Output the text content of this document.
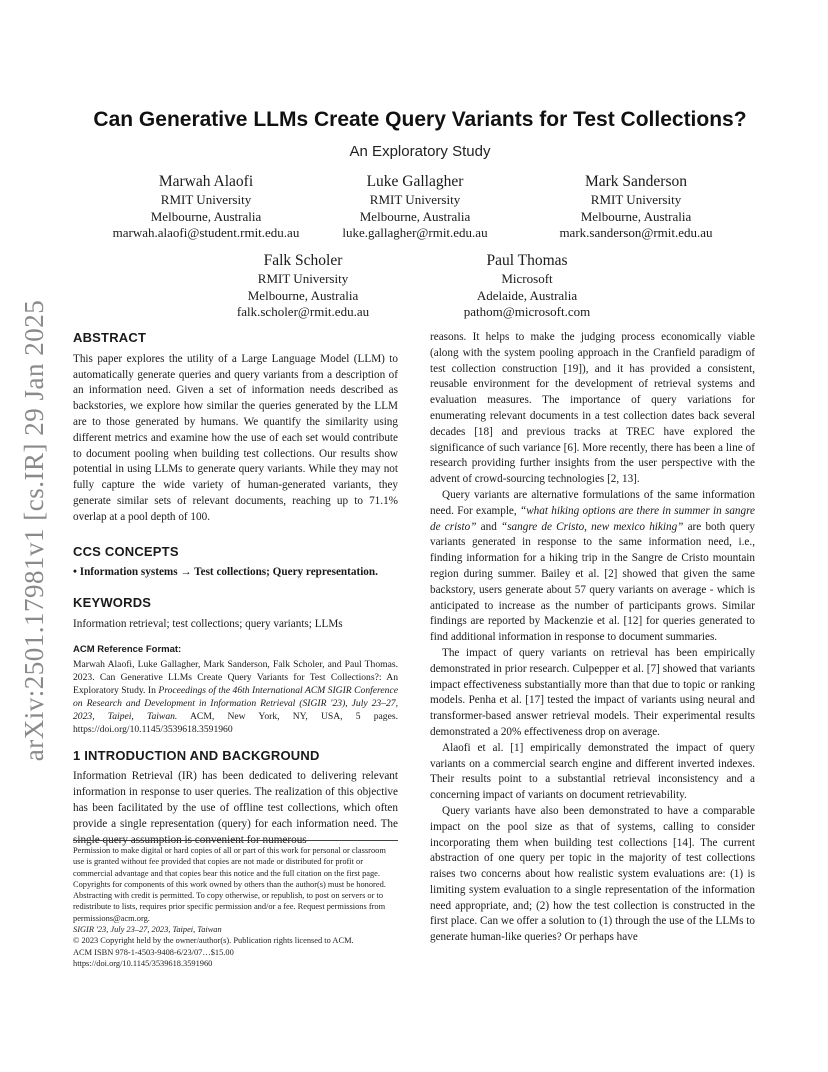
arXiv:2501.17981v1 [cs.IR] 29 Jan 2025
Can Generative LLMs Create Query Variants for Test Collections?
An Exploratory Study
Marwah Alaofi
RMIT University
Melbourne, Australia
marwah.alaofi@student.rmit.edu.au
Luke Gallagher
RMIT University
Melbourne, Australia
luke.gallagher@rmit.edu.au
Mark Sanderson
RMIT University
Melbourne, Australia
mark.sanderson@rmit.edu.au
Falk Scholer
RMIT University
Melbourne, Australia
falk.scholer@rmit.edu.au
Paul Thomas
Microsoft
Adelaide, Australia
pathom@microsoft.com
ABSTRACT

This paper explores the utility of a Large Language Model (LLM) to automatically generate queries and query variants from a description of an information need. Given a set of information needs described as backstories, we explore how similar the queries generated by the LLM are to those generated by humans. We quantify the similarity using different metrics and examine how the use of each set would contribute to document pooling when building test collections. Our results show potential in using LLMs to generate query variants. While they may not fully capture the wide variety of human-generated variants, they generate similar sets of relevant documents, reaching up to 71.1% overlap at a pool depth of 100.

CCS CONCEPTS

• Information systems → Test collections; Query representation.

KEYWORDS

Information retrieval; test collections; query variants; LLMs

ACM Reference Format:

Marwah Alaofi, Luke Gallagher, Mark Sanderson, Falk Scholer, and Paul Thomas. 2023. Can Generative LLMs Create Query Variants for Test Collections?: An Exploratory Study. In Proceedings of the 46th International ACM SIGIR Conference on Research and Development in Information Retrieval (SIGIR '23), July 23–27, 2023, Taipei, Taiwan. ACM, New York, NY, USA, 5 pages. https://doi.org/10.1145/3539618.3591960

1 INTRODUCTION AND BACKGROUND

Information Retrieval (IR) has been dedicated to delivering relevant information in response to user queries. The realization of this objective has been facilitated by the use of offline test collections, which often provide a single representation (query) for each information need. The single query assumption is convenient for numerous

Permission to make digital or hard copies of all or part of this work for personal or classroom use is granted without fee provided that copies are not made or distributed for profit or commercial advantage and that copies bear this notice and the full citation on the first page. Copyrights for components of this work owned by others than the author(s) must be honored. Abstracting with credit is permitted. To copy otherwise, or republish, to post on servers or to redistribute to lists, requires prior specific permission and/or a fee. Request permissions from permissions@acm.org.

SIGIR '23, July 23–27, 2023, Taipei, Taiwan

© 2023 Copyright held by the owner/author(s). Publication rights licensed to ACM.

ACM ISBN 978-1-4503-9408-6/23/07…$15.00

https://doi.org/10.1145/3539618.3591960

reasons. It helps to make the judging process economically viable (along with the system pooling approach in the Cranfield paradigm of test collection construction [19]), and it has provided a consistent, reusable environment for the development of retrieval systems and evaluation measures. The importance of query variations for enumerating relevant documents in a test collection dates back several decades [18] and previous tracks at TREC have explored the significance of such variance [6]. More recently, there has been a line of research providing further insights from the user perspective with the advent of crowd-sourcing technologies [2, 13].

Query variants are alternative formulations of the same information need. For example, “what hiking options are there in summer in sangre de cristo” and “sangre de Cristo, new mexico hiking” are both query variants generated in response to the same information need, i.e., finding information for a hiking trip in the Sangre de Cristo mountain region during summer. Bailey et al. [2] showed that given the same backstory, users generate about 57 query variants on average - which is anticipated to increase as the number of participants grows. Similar findings are reported by Mackenzie et al. [12] for queries generated to find additional information in response to document summaries.

The impact of query variants on retrieval has been empirically demonstrated in prior research. Culpepper et al. [7] showed that variants impact effectiveness substantially more than that due to topic or ranking models. Penha et al. [17] tested the impact of variants using neural and transformer-based answer retrieval models. Their experimental results demonstrated a 20% effectiveness drop on average.

Alaofi et al. [1] empirically demonstrated the impact of query variants on a commercial search engine and different inverted indexes. Their results point to a substantial retrieval inconsistency and a concerning impact of variants on document retrievability.

Query variants have also been demonstrated to have a comparable impact on the pool size as that of systems, calling to consider incorporating them when building test collections [14]. The current abstraction of one query per topic in the majority of test collections raises two concerns about how realistic system evaluations are: (1) is limiting system evaluation to a single representation of the information need appropriate, and; (2) how the test collection is constructed in the first place. Can we offer a solution to (1) through the use of the LLMs to generate human-like queries? Or perhaps have
